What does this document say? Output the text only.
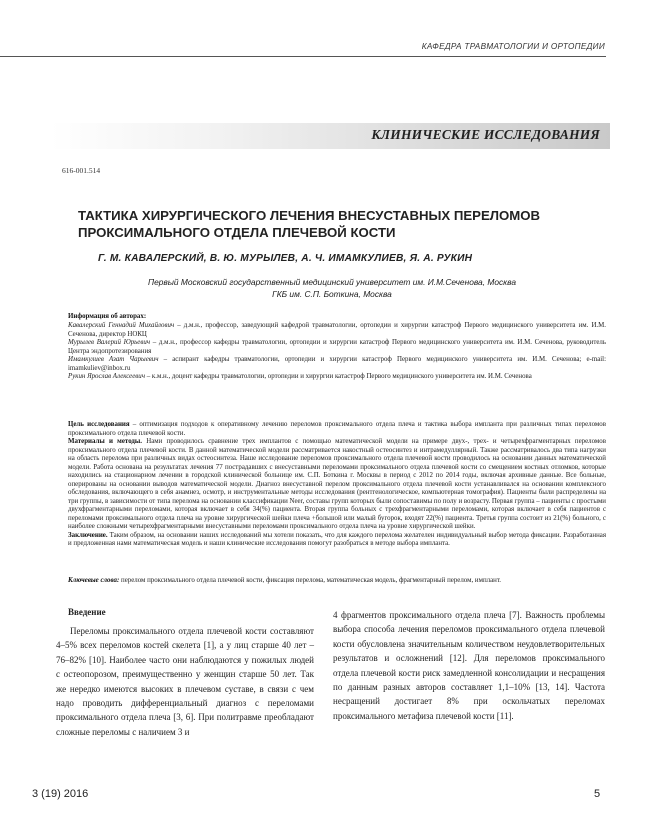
КАФЕДРА ТРАВМАТОЛОГИИ И ОРТОПЕДИИ
КЛИНИЧЕСКИЕ ИССЛЕДОВАНИЯ
616-001.514
ТАКТИКА ХИРУРГИЧЕСКОГО ЛЕЧЕНИЯ ВНЕСУСТАВНЫХ ПЕРЕЛОМОВ
ПРОКСИМАЛЬНОГО ОТДЕЛА ПЛЕЧЕВОЙ КОСТИ
Г. М. КАВАЛЕРСКИЙ, В. Ю. МУРЫЛЕВ, А. Ч. ИМАМКУЛИЕВ, Я. А. РУКИН
Первый Московский государственный медицинский университет им. И.М.Сеченова, Москва
ГКБ им. С.П. Боткина, Москва
Информация об авторах:

Кавалерский Геннадий Михайлович – д.м.н., профессор, заведующий кафедрой травматологии, ортопедии и хирургии катастроф Первого медицинского университета им. И.М. Сеченова, директор НОКЦ

Мурылев Валерий Юрьевич – д.м.н., профессор кафедры травматологии, ортопедии и хирургии катастроф Первого медицинского университета им. И.М. Сеченова, руководитель Центра эндопротезирования

Имамкулиев Азат Чарыевич – аспирант кафедры травматологии, ортопедии и хирургии катастроф Первого медицинского университета им. И.М. Сеченова; e-mail: imamkuliev@inbox.ru

Рукин Ярослав Алексеевич – к.м.н., доцент кафедры травматологии, ортопедии и хирургии катастроф Первого медицинского университета им. И.М. Сеченова

Цель исследования – оптимизация подходов к оперативному лечению переломов проксимального отдела плеча и тактика выбора импланта при различных типах переломов проксимального отдела плечевой кости.

Материалы и методы. Нами проводилось сравнение трех имплантов с помощью математической модели на примере двух-, трех- и четырехфрагментарных переломов проксимального отдела плечевой кости. В данной математической модели рассматривается накостный остеосинтез и интрамедуллярный. Также рассматривалось два типа нагрузки на область перелома при различных видах остеосинтеза. Наше исследование переломов проксимального отдела плечевой кости проводилось на основании данных математической модели. Работа основана на результатах лечения 77 пострадавших с внесуставными переломами проксимального отдела плечевой кости со смещением костных отломков, которые находились на стационарном лечении в городской клинической больнице им. С.П. Боткина г. Москвы в период с 2012 по 2014 годы, включая архивные данные. Все больные, оперированы на основании выводов математической модели. Диагноз внесуставной перелом проксимального отдела плечевой кости устанавливался на основании комплексного обследования, включающего в себя анамнез, осмотр, и инструментальные методы исследования (рентгенологическое, компьютерная томография). Пациенты были распределены на три группы, в зависимости от типа перелома на основании классификации Neer, составы групп которых были сопоставимы по полу и возрасту. Первая группа – пациенты с простыми двухфрагментарными переломами, которая включает в себя 34(%) пациента. Вторая группа больных с трехфрагментарными переломами, которая включает в себя пациентов с переломами проксимального отдела плеча на уровне хирургической шейки плеча +большой или малый бугорок, входят 22(%) пациента. Третья группа состоит из 21(%) больного, с наиболее сложными четырехфрагментарными внесуставными переломами проксимального отдела плеча на уровне хирургической шейки.

Заключение. Таким образом, на основании наших исследований мы хотели показать, что для каждого перелома желателен индивидуальный выбор метода фиксации. Разработанная и предложенная нами математическая модель и наши клинические исследования помогут разобраться в методе выбора импланта.

Ключевые слова: перелом проксимального отдела плечевой кости, фиксация перелома, математическая модель, фрагментарный перелом, имплант.
Введение

Переломы проксимального отдела плечевой кости составляют 4–5% всех переломов костей скелета [1], а у лиц старше 40 лет – 76–82% [10]. Наиболее часто они наблюдаются у пожилых людей с остеопорозом, преимущественно у женщин старше 50 лет. Так же нередко имеются высоких в плечевом суставе, в связи с чем надо проводить дифференциальный диагноз с переломами проксимального отдела плеча [3, 6]. При политравме преобладают сложные переломы с наличием 3 и

4 фрагментов проксимального отдела плеча [7]. Важность проблемы выбора способа лечения переломов проксимального отдела плечевой кости обусловлена значительным количеством неудовлетворительных результатов и осложнений [12]. Для переломов проксимального отдела плечевой кости риск замедленной консолидации и несращения по данным разных авторов составляет 1,1–10% [13, 14]. Частота несращений достигает 8% при оскольчатых переломах проксимального метафиза плечевой кости [11].

3 (19) 2016	5
